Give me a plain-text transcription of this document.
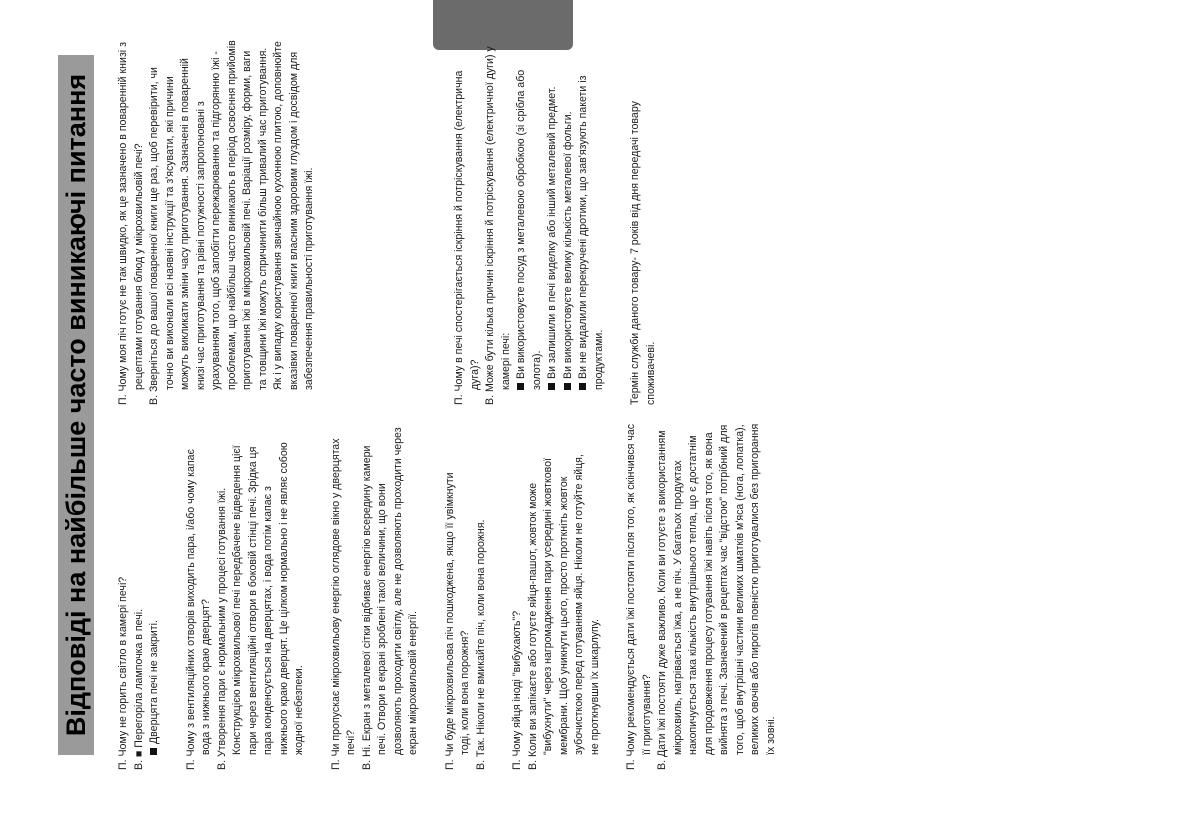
Відповіді на найбільше часто виникаючі питання П. Чому не горить світло в камері печі? В. ■ Перегоріла лампочка в печі. Дверцята печі не закриті. П. Чому з вентиляційних отворів виходить пара, і/або чому капає вода з нижнього краю дверцят? В. Утворення пари є нормальним у процесі готування їжі. Конструкцією мікрохвильової печі передбачене відведення цієї пари через вентиляційні отвори в боковій стінці печі. Зрідка ця пара конденсується на дверцятах, і вода потім капає з нижнього краю дверцят. Це цілком нормально і не являє собою жодної небезпеки. П. Чи пропускає мікрохвильову енергію оглядове вікно у дверцятах печі? В. Ні. Екран з металевої сітки відбиває енергію всередину камери печі. Отвори в екрані зроблені такої величини, що вони дозволяють проходити світлу, але не дозволяють проходити через екран мікрохвильовій енергії. П. Чи буде мікрохвильова піч пошкоджена, якщо її увімкнути тоді, коли вона порожня? В. Так. Ніколи не вмикайте піч, коли вона порожня. П. Чому яйця іноді "вибухають"? В. Коли ви запікаєте або готуєте яйця-пашот, жовток може "вибухнути" через нагромадження пари усередині жовткової мембрани. Щоб уникнути цього, просто проткніть жовток зубочисткою перед готуванням яйця. Ніколи не готуйте яйця, не проткнувши їх шкарлупу. П. Чому рекомендується дати їжі постояти після того, як скінчився час її приготування? В. Дати їжі постояти дуже важливо. Коли ви готуєте з використанням мікрохвиль, нагрівається їжа, а не піч. У багатьох продуктах накопичується така кількість внутрішнього тепла, що є достатнім для продовження процесу готування їжі навіть після того, як вона вийнята з печі. Зазначений в рецептах час "відстою" потрібний для того, щоб внутрішні частини великих шматків м'яса (нога, лопатка), великих овочів або пирогів повністю приготувалися без пригорання їх зовні.

П. Чому моя піч готує не так швидко, як це зазначено в поваренній книзі з рецептами готування блюд у мікрохвильовій печі? В. Зверніться до вашої поваренної книги ще раз, щоб перевірити, чи точно ви виконали всі наявні інструкції та з'ясувати, які причини можуть викликати зміни часу приготування. Зазначені в поваренній книзі час приготування та рівні потужності запропоновані з урахуванням того, щоб запобігти пережарюванню та підгорянню їжі - проблемам, що найбільш часто виникають в період освоєння прийомів приготування їжі в мікрохвильовій печі. Варіації розміру, форми, ваги та товщини їжі можуть спричинити більш тривалий час приготування. Як і у випадку користування звичайною кухонною плитою, доповнюйте вказівки поваренної книги власним здоровим глуздом і досвідом для забезпечення правильності приготування їжі.	П. Чому в печі спостерігається іскріння й потріскування (електрична дуга)? В. Може бути кілька причин іскріння й потріскування (електричної дуги) у камері печі: Ви використовуєте посуд з металевою обробкою (зі срібла або золота). Ви залишили в печі виделку або інший металевий предмет. Ви використовуєте велику кількість металевої фольги. Ви не видалили перекручені дротики, що зав'язують пакети із продуктами. Термін служби даного товару- 7 років від дня передачі товару споживачеві.
